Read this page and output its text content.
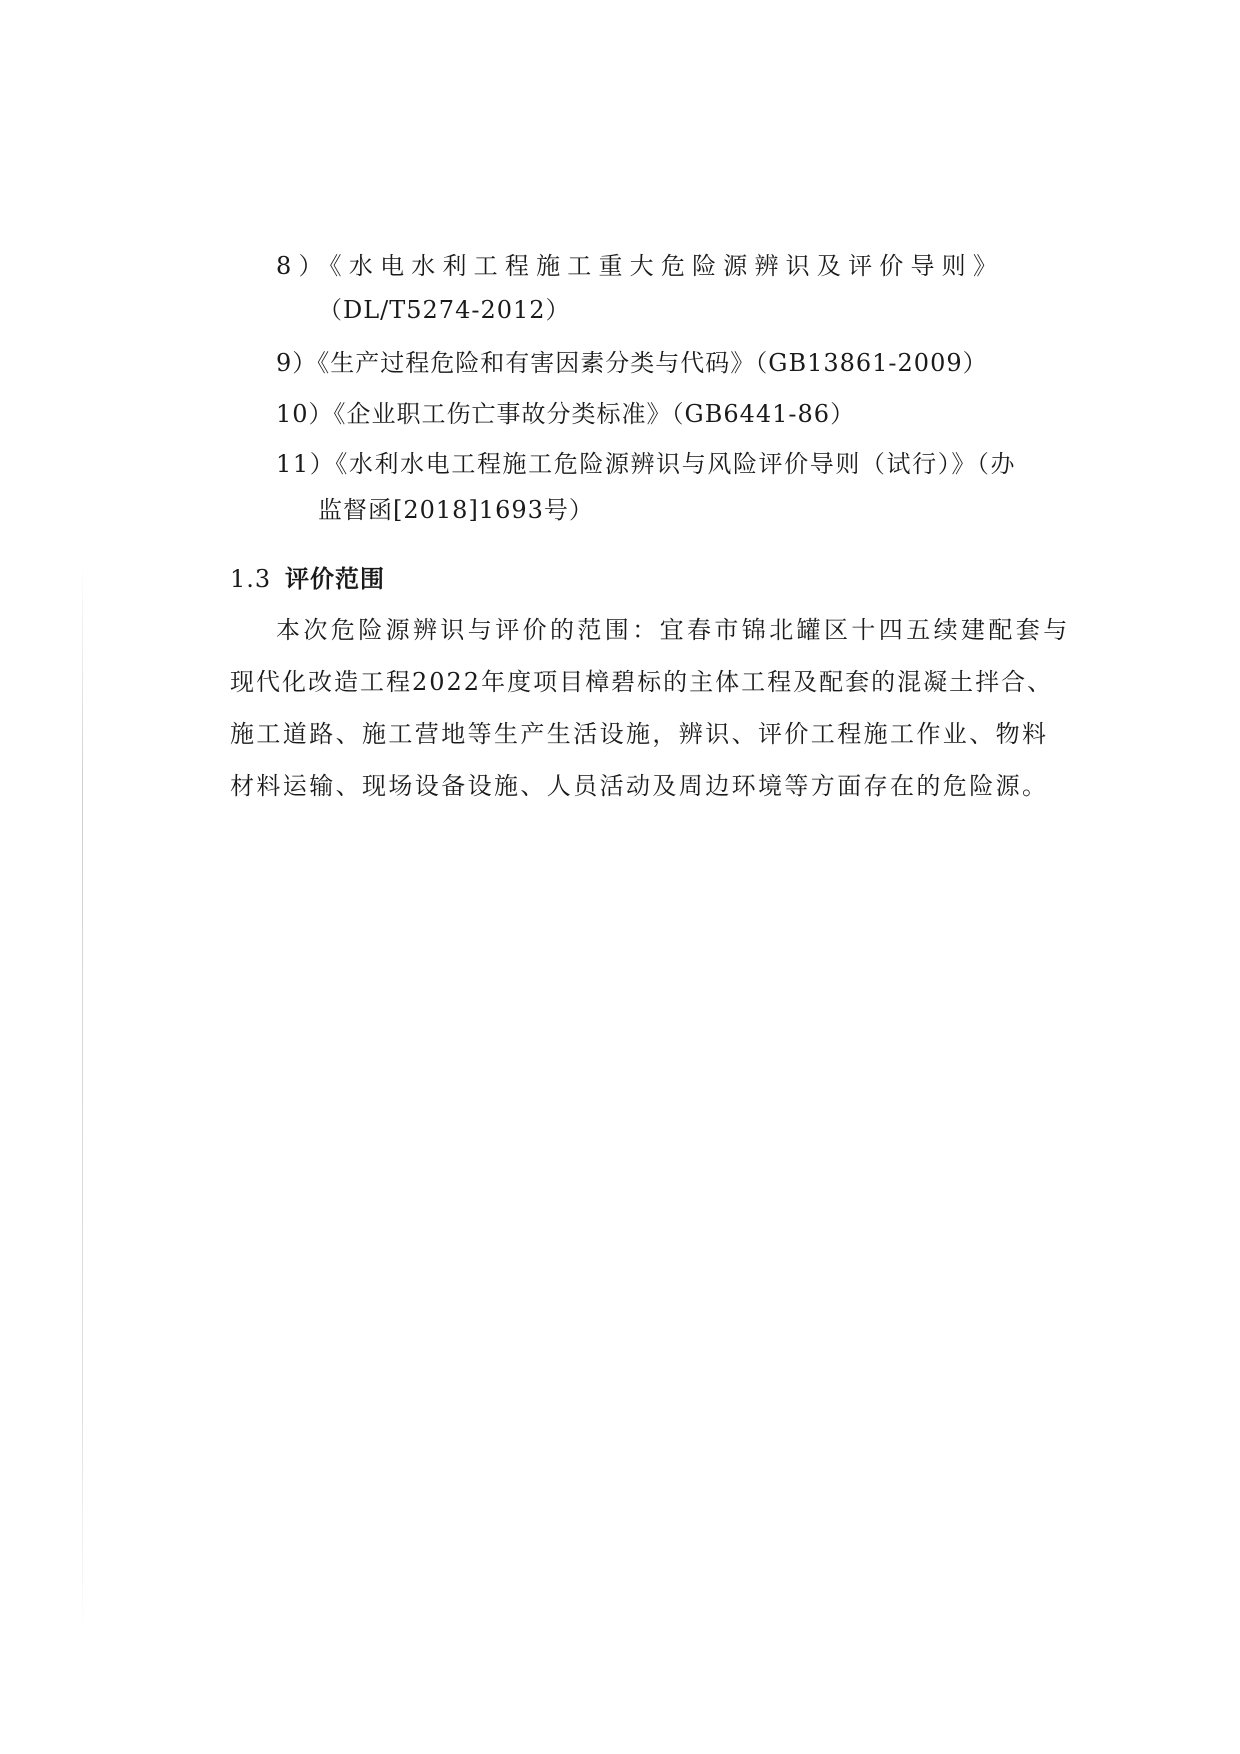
8）《水电水利工程施工重大危险源辨识及评价导则》
（DL/T5274-2012）
9）《生产过程危险和有害因素分类与代码》（GB13861-2009）
10）《企业职工伤亡事故分类标准》（GB6441-86）
11）《水利水电工程施工危险源辨识与风险评价导则（试行）》（办
监督函[2018]1693号）
1.3 评价范围
本次危险源辨识与评价的范围：宜春市锦北罐区十四五续建配套与
现代化改造工程2022年度项目樟碧标的主体工程及配套的混凝土拌合、
施工道路、施工营地等生产生活设施，辨识、评价工程施工作业、物料
材料运输、现场设备设施、人员活动及周边环境等方面存在的危险源。
